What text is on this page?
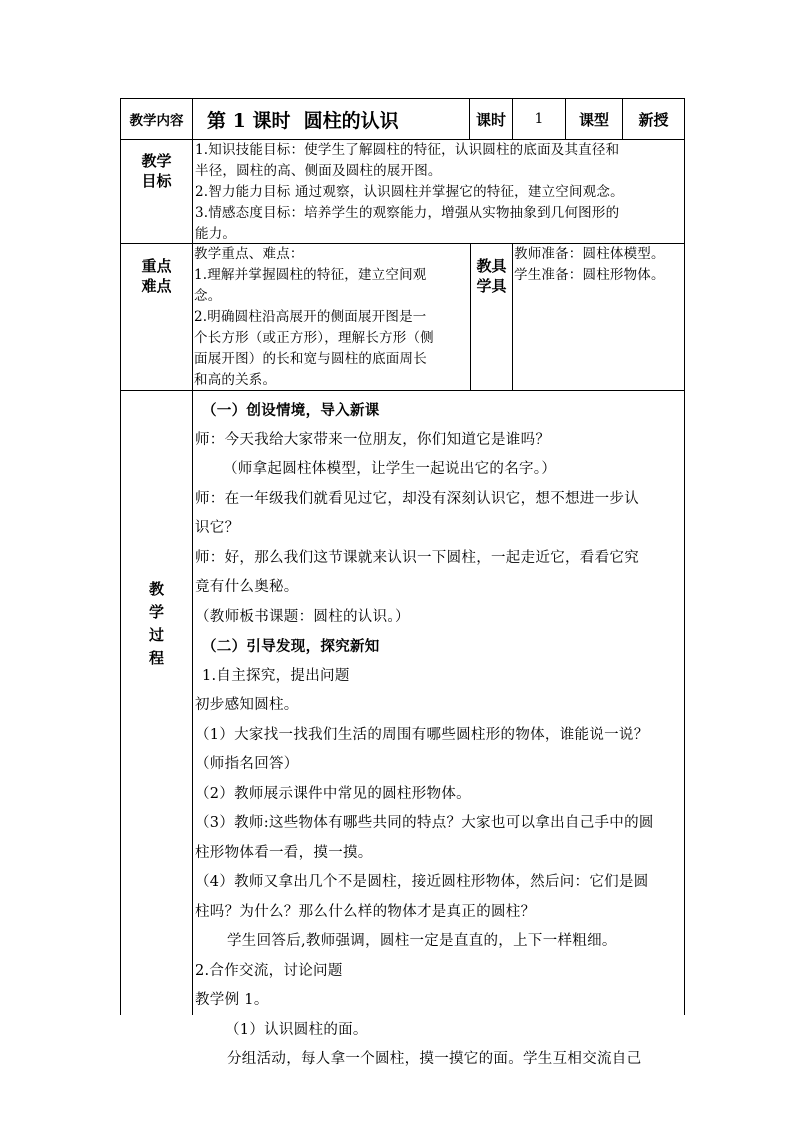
教学内容 第 1 课时  圆柱的认识	课时 1 课型 新授
教学
目标
1.知识技能目标：使学生了解圆柱的特征，认识圆柱的底面及其直径和
半径，圆柱的高、侧面及圆柱的展开图。
2.智力能力目标 通过观察，认识圆柱并掌握它的特征，建立空间观念。
3.情感态度目标：培养学生的观察能力，增强从实物抽象到几何图形的
能力。
重点
难点
教学重点、难点：
1.理解并掌握圆柱的特征，建立空间观
念。
2.明确圆柱沿高展开的侧面展开图是一
个长方形（或正方形），理解长方形（侧
面展开图）的长和宽与圆柱的底面周长
和高的关系。
教具
学具
教师准备：圆柱体模型。
学生准备：圆柱形物体。
教
学
过
程
（一）创设情境，导入新课
师：今天我给大家带来一位朋友，你们知道它是谁吗？
（师拿起圆柱体模型，让学生一起说出它的名字。）
师：在一年级我们就看见过它，却没有深刻认识它，想不想进一步认
识它？
师：好，那么我们这节课就来认识一下圆柱，一起走近它，看看它究
竟有什么奥秘。
（教师板书课题：圆柱的认识。）
（二）引导发现，探究新知
1.自主探究，提出问题
初步感知圆柱。
（1）大家找一找我们生活的周围有哪些圆柱形的物体，谁能说一说？
（师指名回答）
（2）教师展示课件中常见的圆柱形物体。
（3）教师:这些物体有哪些共同的特点？大家也可以拿出自己手中的圆
柱形物体看一看，摸一摸。
（4）教师又拿出几个不是圆柱，接近圆柱形物体，然后问：它们是圆
柱吗？为什么？那么什么样的物体才是真正的圆柱？
学生回答后,教师强调，圆柱一定是直直的，上下一样粗细。
2.合作交流，讨论问题
教学例 1。
（1）认识圆柱的面。
分组活动，每人拿一个圆柱，摸一摸它的面。学生互相交流自己
